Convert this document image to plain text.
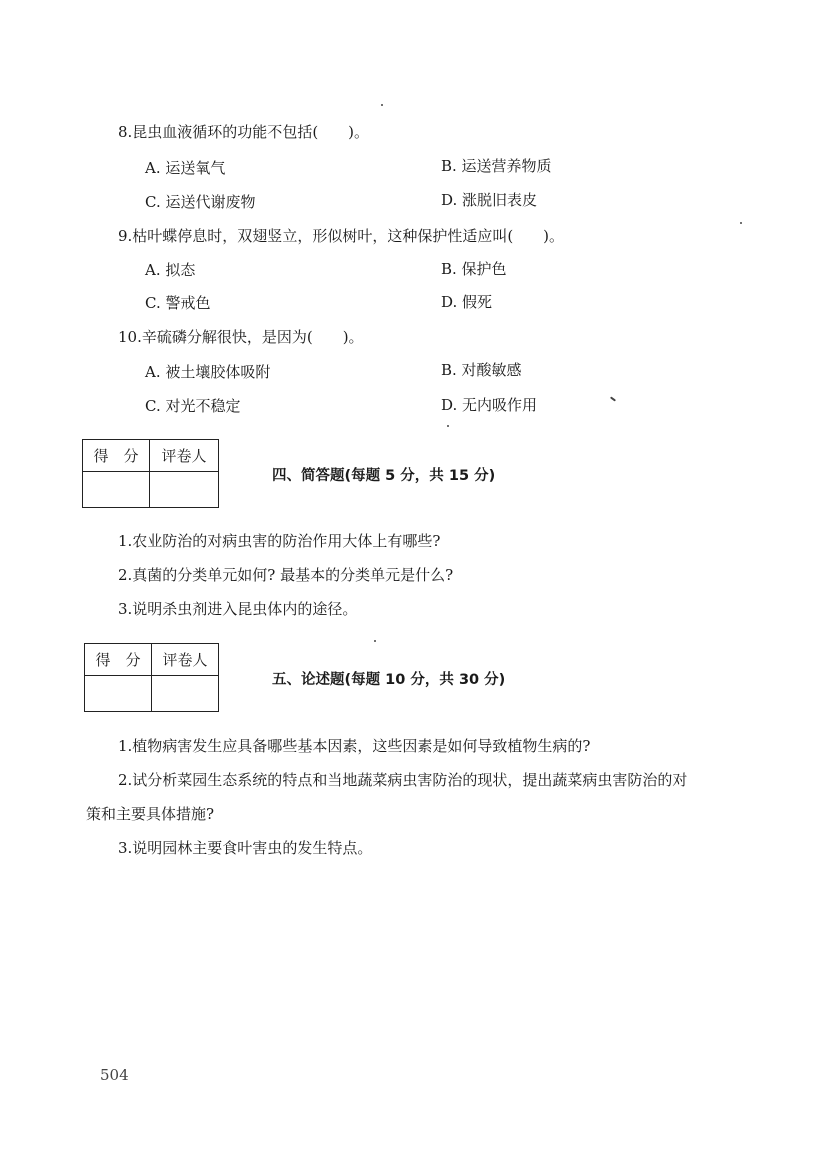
8.昆虫血液循环的功能不包括(　　)。
A. 运送氧气	B. 运送营养物质
C. 运送代谢废物	D. 涨脱旧表皮
9.枯叶蝶停息时，双翅竖立，形似树叶，这种保护性适应叫(　　)。
A. 拟态	B. 保护色
C. 警戒色	D. 假死
10.辛硫磷分解很快，是因为(　　)。
A. 被土壤胶体吸附	B. 对酸敏感
C. 对光不稳定	D. 无内吸作用
得　分	评卷人

四、简答题(每题 5 分，共 15 分)
1.农业防治的对病虫害的防治作用大体上有哪些?
2.真菌的分类单元如何? 最基本的分类单元是什么?
3.说明杀虫剂进入昆虫体内的途径。
得　分	评卷人

五、论述题(每题 10 分，共 30 分)
1.植物病害发生应具备哪些基本因素，这些因素是如何导致植物生病的?
2.试分析菜园生态系统的特点和当地蔬菜病虫害防治的现状，提出蔬菜病虫害防治的对
策和主要具体措施?
3.说明园林主要食叶害虫的发生特点。
504
